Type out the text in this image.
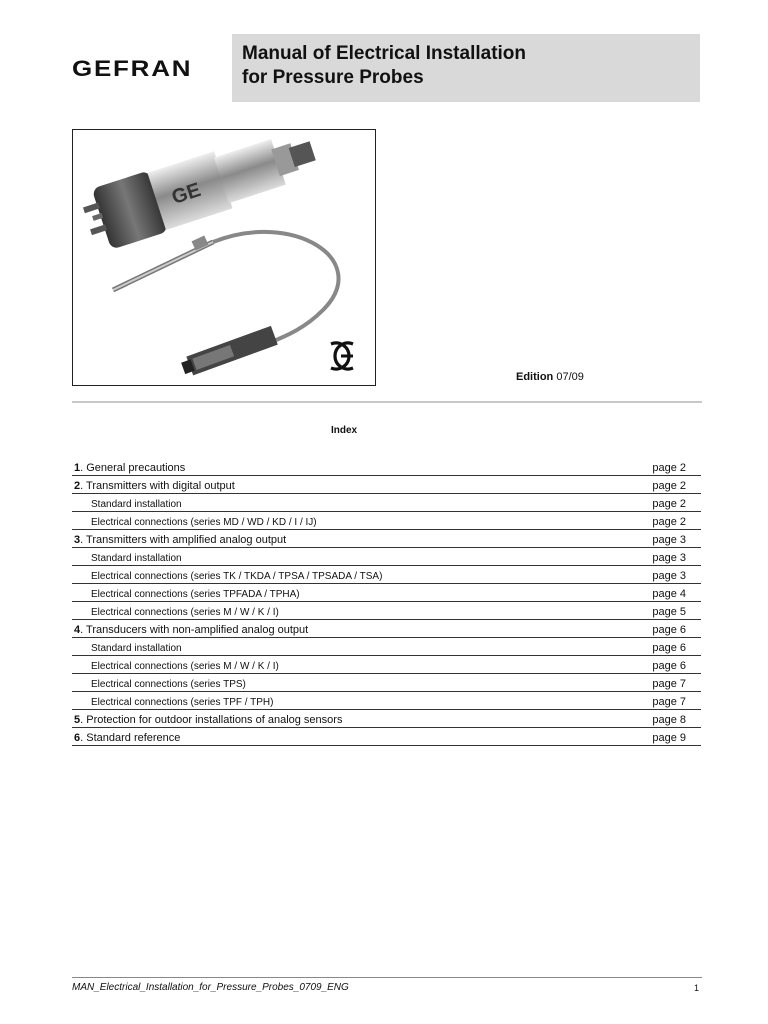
GEFRAN
Manual of Electrical Installation
for Pressure Probes
GE
Edition 07/09
Index
1. General precautions	page 2
2. Transmitters with digital output	page 2
Standard installation	page 2
Electrical connections (series MD / WD / KD / I / IJ)	page 2
3. Transmitters with amplified analog output	page 3
Standard installation	page 3
Electrical connections (series TK / TKDA / TPSA / TPSADA / TSA)	page 3
Electrical connections (series TPFADA / TPHA)	page 4
Electrical connections (series M / W / K / I)	page 5
4. Transducers with non-amplified analog output	page 6
Standard installation	page 6
Electrical connections (series M / W / K / I)	page 6
Electrical connections (series TPS)	page 7
Electrical connections (series TPF / TPH)	page 7
5. Protection for outdoor installations of analog sensors	page 8
6. Standard reference	page 9
MAN_Electrical_Installation_for_Pressure_Probes_0709_ENG	1
